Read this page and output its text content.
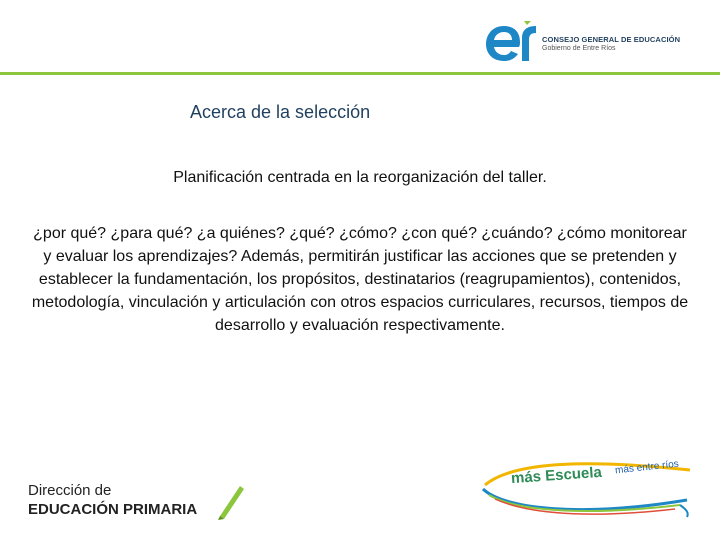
CONSEJO GENERAL DE EDUCACIÓN
Gobierno de Entre Ríos
Acerca de la selección
Planificación centrada en la reorganización del taller.
¿por qué? ¿para qué? ¿a quiénes? ¿qué? ¿cómo? ¿con qué? ¿cuándo? ¿cómo monitorear y evaluar los aprendizajes? Además, permitirán justificar las acciones que se pretenden y establecer la fundamentación, los propósitos, destinatarios (reagrupamientos), contenidos, metodología, vinculación y articulación con otros espacios curriculares, recursos, tiempos de desarrollo y evaluación respectivamente.
Dirección de
EDUCACIÓN PRIMARIA
más Escuela más entre ríos
